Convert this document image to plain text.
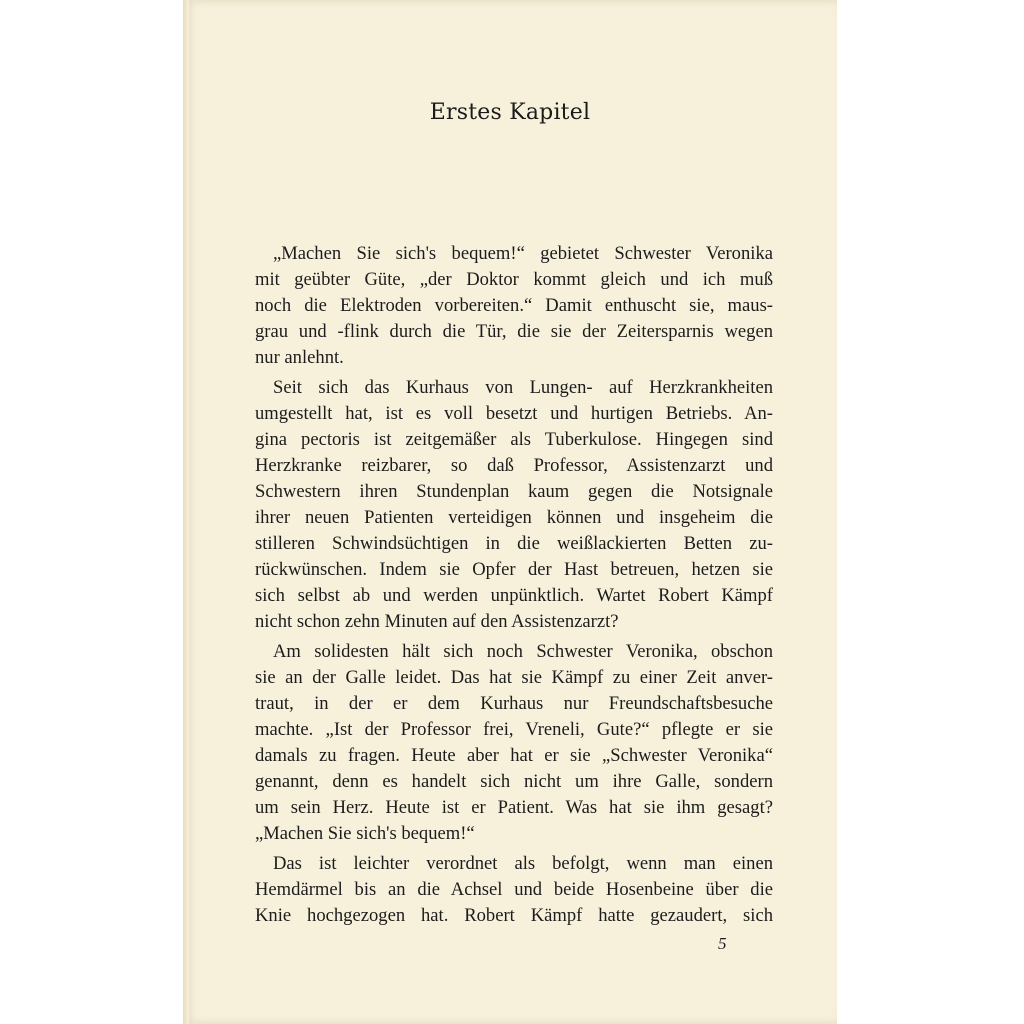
Erstes Kapitel
„Machen Sie sich's bequem!“ gebietet Schwester Veronika
mit geübter Güte, „der Doktor kommt gleich und ich muß
noch die Elektroden vorbereiten.“ Damit enthuscht sie, maus-
grau und -flink durch die Tür, die sie der Zeitersparnis wegen
nur anlehnt.
Seit sich das Kurhaus von Lungen- auf Herzkrankheiten
umgestellt hat, ist es voll besetzt und hurtigen Betriebs. An-
gina pectoris ist zeitgemäßer als Tuberkulose. Hingegen sind
Herzkranke reizbarer, so daß Professor, Assistenzarzt und
Schwestern ihren Stundenplan kaum gegen die Notsignale
ihrer neuen Patienten verteidigen können und insgeheim die
stilleren Schwindsüchtigen in die weißlackierten Betten zu-
rückwünschen. Indem sie Opfer der Hast betreuen, hetzen sie
sich selbst ab und werden unpünktlich. Wartet Robert Kämpf
nicht schon zehn Minuten auf den Assistenzarzt?
Am solidesten hält sich noch Schwester Veronika, obschon
sie an der Galle leidet. Das hat sie Kämpf zu einer Zeit anver-
traut, in der er dem Kurhaus nur Freundschaftsbesuche
machte. „Ist der Professor frei, Vreneli, Gute?“ pflegte er sie
damals zu fragen. Heute aber hat er sie „Schwester Veronika“
genannt, denn es handelt sich nicht um ihre Galle, sondern
um sein Herz. Heute ist er Patient. Was hat sie ihm gesagt?
„Machen Sie sich's bequem!“
Das ist leichter verordnet als befolgt, wenn man einen
Hemdärmel bis an die Achsel und beide Hosenbeine über die
Knie hochgezogen hat. Robert Kämpf hatte gezaudert, sich
5
